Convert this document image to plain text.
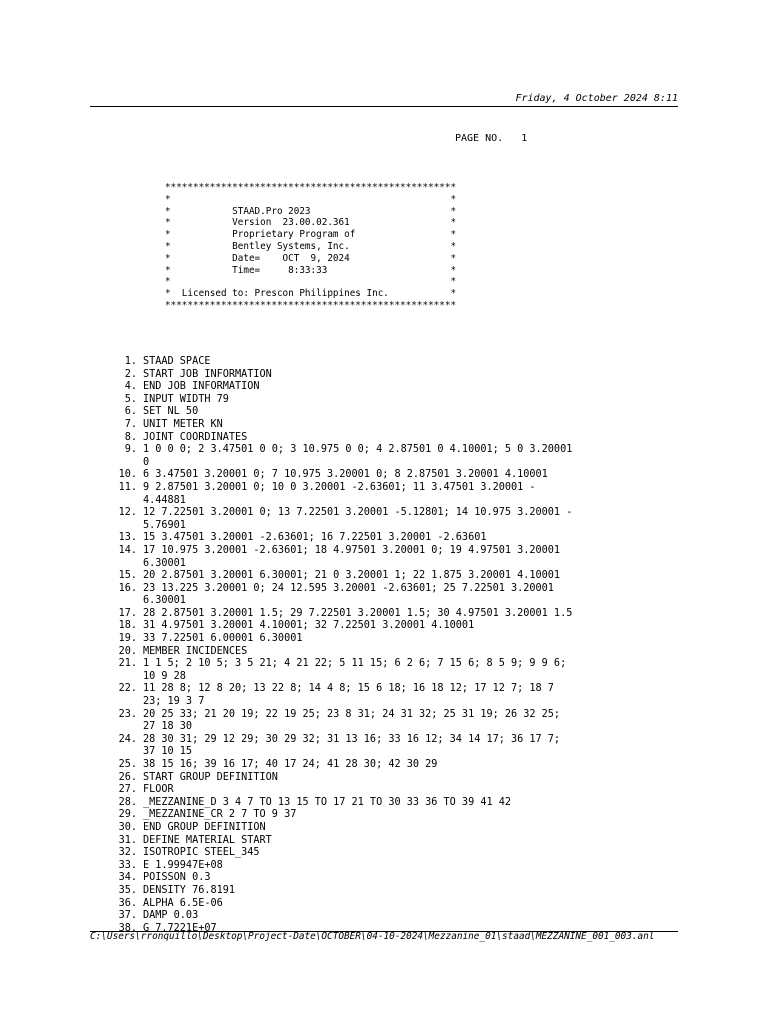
Friday, 4 October 2024 8:11
PAGE NO.   1
****************************************************
*                                                  *
*           STAAD.Pro 2023                         *
*           Version  23.00.02.361                  *
*           Proprietary Program of                 *
*           Bentley Systems, Inc.                  *
*           Date=    OCT  9, 2024                  *
*           Time=     8:33:33                      *
*                                                  *
*  Licensed to: Prescon Philippines Inc.           *
****************************************************
1. STAAD SPACE
2. START JOB INFORMATION
4. END JOB INFORMATION
5. INPUT WIDTH 79
6. SET NL 50
7. UNIT METER KN
8. JOINT COORDINATES
9. 1 0 0 0; 2 3.47501 0 0; 3 10.975 0 0; 4 2.87501 0 4.10001; 5 0 3.20001
0
10. 6 3.47501 3.20001 0; 7 10.975 3.20001 0; 8 2.87501 3.20001 4.10001
11. 9 2.87501 3.20001 0; 10 0 3.20001 -2.63601; 11 3.47501 3.20001 -
4.44881
12. 12 7.22501 3.20001 0; 13 7.22501 3.20001 -5.12801; 14 10.975 3.20001 -
5.76901
13. 15 3.47501 3.20001 -2.63601; 16 7.22501 3.20001 -2.63601
14. 17 10.975 3.20001 -2.63601; 18 4.97501 3.20001 0; 19 4.97501 3.20001
6.30001
15. 20 2.87501 3.20001 6.30001; 21 0 3.20001 1; 22 1.875 3.20001 4.10001
16. 23 13.225 3.20001 0; 24 12.595 3.20001 -2.63601; 25 7.22501 3.20001
6.30001
17. 28 2.87501 3.20001 1.5; 29 7.22501 3.20001 1.5; 30 4.97501 3.20001 1.5
18. 31 4.97501 3.20001 4.10001; 32 7.22501 3.20001 4.10001
19. 33 7.22501 6.00001 6.30001
20. MEMBER INCIDENCES
21. 1 1 5; 2 10 5; 3 5 21; 4 21 22; 5 11 15; 6 2 6; 7 15 6; 8 5 9; 9 9 6;
10 9 28
22. 11 28 8; 12 8 20; 13 22 8; 14 4 8; 15 6 18; 16 18 12; 17 12 7; 18 7
23; 19 3 7
23. 20 25 33; 21 20 19; 22 19 25; 23 8 31; 24 31 32; 25 31 19; 26 32 25;
27 18 30
24. 28 30 31; 29 12 29; 30 29 32; 31 13 16; 33 16 12; 34 14 17; 36 17 7;
37 10 15
25. 38 15 16; 39 16 17; 40 17 24; 41 28 30; 42 30 29
26. START GROUP DEFINITION
27. FLOOR
28. _MEZZANINE_D 3 4 7 TO 13 15 TO 17 21 TO 30 33 36 TO 39 41 42
29. _MEZZANINE_CR 2 7 TO 9 37
30. END GROUP DEFINITION
31. DEFINE MATERIAL START
32. ISOTROPIC STEEL_345
33. E 1.99947E+08
34. POISSON 0.3
35. DENSITY 76.8191
36. ALPHA 6.5E-06
37. DAMP 0.03
38. G 7.7221E+07
C:\Users\rronquillo\Desktop\Project-Date\OCTOBER\04-10-2024\Mezzanine_01\staad\MEZZANINE_001_003.anl
